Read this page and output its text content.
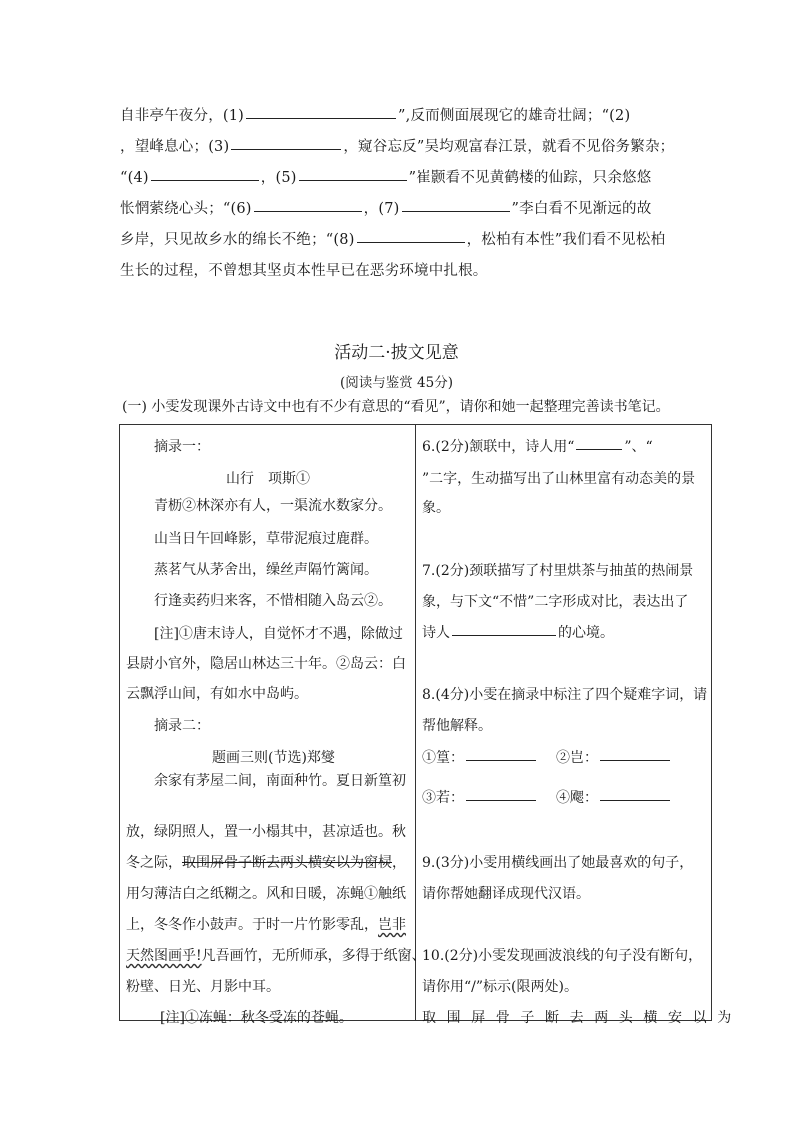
自非亭午夜分，(1)	”,反而侧面展现它的雄奇壮阔；“(2)
，望峰息心；(3)	，窥谷忘反”吴均观富春江景，就看不见俗务繁杂；
“(4)	，(5)	”崔颢看不见黄鹤楼的仙踪，只余悠悠
怅惘萦绕心头；“(6)	，(7)	”李白看不见渐远的故
乡岸，只见故乡水的绵长不绝；“(8)	，松柏有本性”我们看不见松柏
生长的过程，不曾想其坚贞本性早已在恶劣环境中扎根。
活动二·披文见意
(阅读与鉴赏 45分)
(一) 小雯发现课外古诗文中也有不少有意思的“看见”，请你和她一起整理完善读书笔记。
摘录一：
山行　项斯①
青枥②林深亦有人，一渠流水数家分。
山当日午回峰影，草带泥痕过鹿群。
蒸茗气从茅舍出，缲丝声隔竹篱闻。
行逢卖药归来客，不惜相随入岛云②。
[注]①唐末诗人，自觉怀才不遇，除做过
县尉小官外，隐居山林达三十年。②岛云：白
云飘浮山间，有如水中岛屿。
摘录二：
题画三则(节选)郑燮
余家有茅屋二间，南面种竹。夏日新篁初
放，绿阴照人，置一小榻其中，甚凉适也。秋
冬之际，取围屏骨子断去两头横安以为窗棂，
用匀薄洁白之纸糊之。风和日暖，冻蝇①触纸
上，冬冬作小鼓声。于时一片竹影零乱，岂非
天然图画乎!凡吾画竹，无所师承，多得于纸窗、
粉壁、日光、月影中耳。
[注]①冻蝇：秋冬受冻的苍蝇。
6.(2分)颔联中，诗人用“	”、“
”二字，生动描写出了山林里富有动态美的景
象。
7.(2分)颈联描写了村里烘茶与抽茧的热闹景
象，与下文“不惜”二字形成对比，表达出了
诗人	的心境。
8.(4分)小雯在摘录中标注了四个疑难字词，请
帮他解释。
①篁：	②岂：
③若：	④飔：
9.(3分)小雯用横线画出了她最喜欢的句子，
请你帮她翻译成现代汉语。
10.(2分)小雯发现画波浪线的句子没有断句，
请你用“/”标示(限两处)。
取围屏骨子断去两头横安以为
